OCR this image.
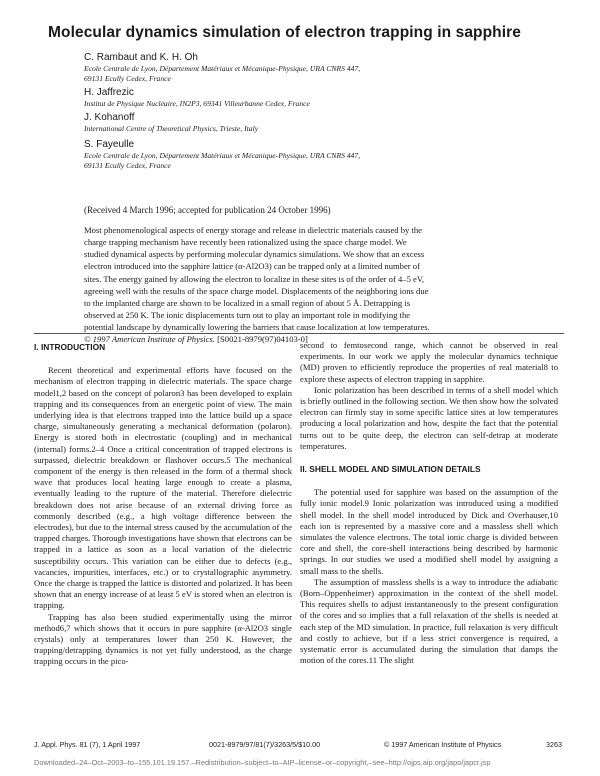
Molecular dynamics simulation of electron trapping in sapphire
C. Rambaut and K. H. Oh
Ecole Centrale de Lyon, Département Matériaux et Mécanique-Physique, URA CNRS 447,
69131 Ecully Cedex, France
H. Jaffrezic
Institut de Physique Nucléaire, IN2P3, 69341 Villeurbanne Cedex, France
J. Kohanoff
International Centre of Theoretical Physics, Trieste, Italy
S. Fayeulle
Ecole Centrale de Lyon, Département Matériaux et Mécanique-Physique, URA CNRS 447,
69131 Ecully Cedex, France
(Received 4 March 1996; accepted for publication 24 October 1996)
Most phenomenological aspects of energy storage and release in dielectric materials caused by the
charge trapping mechanism have recently been rationalized using the space charge model. We
studied dynamical aspects by performing molecular dynamics simulations. We show that an excess
electron introduced into the sapphire lattice (α-Al2O3) can be trapped only at a limited number of
sites. The energy gained by allowing the electron to localize in these sites is of the order of 4–5 eV,
agreeing well with the results of the space charge model. Displacements of the neighboring ions due
to the implanted charge are shown to be localized in a small region of about 5 Å. Detrapping is
observed at 250 K. The ionic displacements turn out to play an important role in modifying the
potential landscape by dynamically lowering the barriers that cause localization at low temperatures.
© 1997 American Institute of Physics. [S0021-8979(97)04103-0]
I. INTRODUCTION

Recent theoretical and experimental efforts have focused on the mechanism of electron trapping in dielectric materials. The space charge model1,2 based on the concept of polaron3 has been developed to explain trapping and its consequences from an energetic point of view. The main underlying idea is that electrons trapped into the lattice build up a space charge, simultaneously generating a mechanical deformation (polaron). Energy is stored both in electrostatic (coupling) and in mechanical (internal) forms.2–4 Once a critical concentration of trapped electrons is surpassed, dielectric breakdown or flashover occurs.5 The mechanical component of the energy is then released in the form of a thermal shock wave that produces local heating large enough to create a plasma, eventually leading to the rupture of the material. Therefore dielectric breakdown does not arise because of an external driving force as commonly described (e.g., a high voltage difference between the electrodes), but due to the internal stress caused by the accumulation of the trapped charges. Thorough investigations have shown that electrons can be trapped in a lattice as soon as a local variation of the dielectric susceptibility occurs. This variation can be either due to defects (e.g., vacancies, impurities, interfaces, etc.) or to crystallographic asymmetry. Once the charge is trapped the lattice is distorted and polarized. It has been shown that an energy increase of at least 5 eV is stored when an electron is trapping.

Trapping has also been studied experimentally using the mirror method6,7 which shows that it occurs in pure sapphire (α-Al2O3 single crystals) only at temperatures lower than 250 K. However, the trapping/detrapping dynamics is not yet fully understood, as the charge trapping occurs in the pico-

second to femtosecond range, which cannot be observed in real experiments. In our work we apply the molecular dynamics technique (MD) proven to efficiently reproduce the properties of real material8 to explore these aspects of electron trapping in sapphire.

Ionic polarization has been described in terms of a shell model which is briefly outlined in the following section. We then show how the solvated electron can firmly stay in some specific lattice sites at low temperatures producing a local polarization and how, despite the fact that the potential turns out to be quite deep, the electron can self-detrap at moderate temperatures.

II. SHELL MODEL AND SIMULATION DETAILS

The potential used for sapphire was based on the assumption of the fully ionic model.9 Ionic polarization was introduced using a modified shell model. In the shell model introduced by Dick and Overhauser,10 each ion is represented by a massive core and a massless shell which simulates the valence electrons. The total ionic charge is divided between core and shell, the core-shell interactions being described by harmonic springs. In our studies we used a modified shell model by assigning a small mass to the shells.

The assumption of massless shells is a way to introduce the adiabatic (Born–Oppenheimer) approximation in the context of the shell model. This requires shells to adjust instantaneously to the present configuration of the cores and so implies that a full relaxation of the shells is needed at each step of the MD simulation. In practice, full relaxation is very difficult and costly to achieve, but if a less strict convergence is required, a systematic error is accumulated during the simulation that damps the motion of the cores.11 The slight

J. Appl. Phys. 81 (7), 1 April 1997	0021-8979/97/81(7)/3263/5/$10.00	© 1997 American Institute of Physics	3263
Downloaded–24–Oct–2003–to–155.101.19.157.–Redistribution–subject–to–AIP–license–or–copyright,–see–http://ojps.aip.org/japo/japcr.jsp
